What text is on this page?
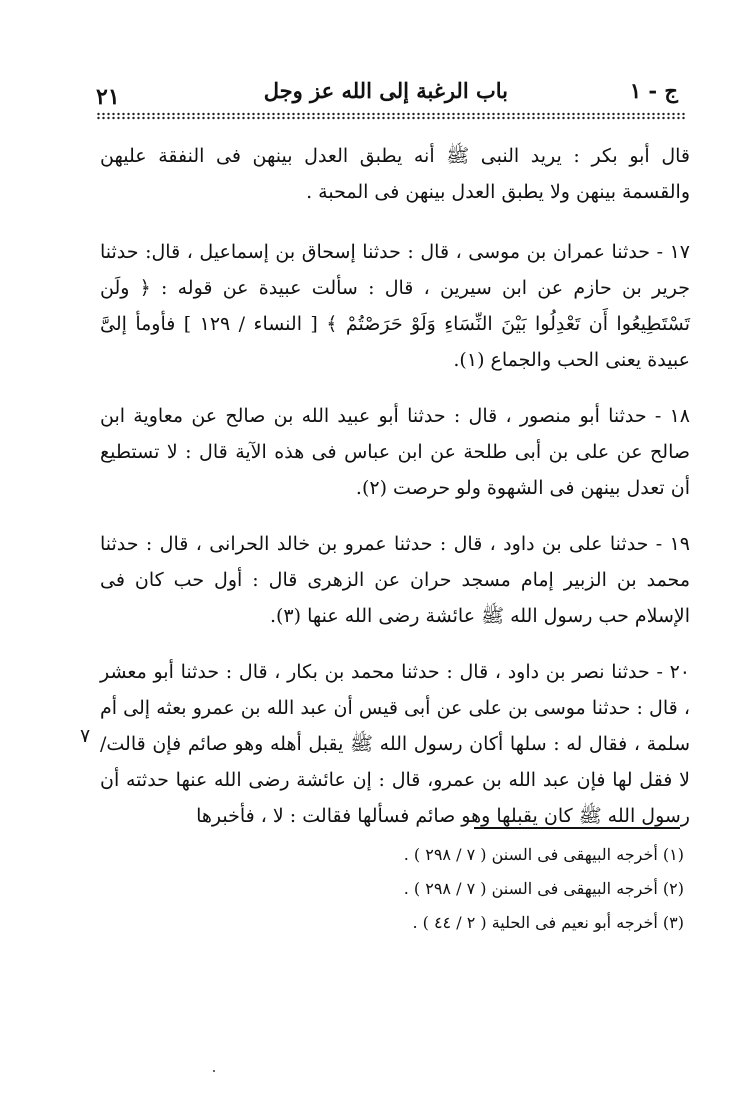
ج - ١
باب الرغبة إلى الله عز وجل
٢١

قال أبو بكر : يريد النبى ﷺ أنه يطبق العدل بينهن فى النفقة عليهن والقسمة بينهن ولا يطبق العدل بينهن فى المحبة .

١٧ - حدثنا عمران بن موسى ، قال : حدثنا إسحاق بن إسماعيل ، قال: حدثنا جرير بن حازم عن ابن سيرين ، قال : سألت عبيدة عن قوله : ﴿ ولَن تَسْتَطِيعُوا أَن تَعْدِلُوا بَيْنَ النِّسَاءِ وَلَوْ حَرَصْتُمْ ﴾ [ النساء / ١٢٩ ] فأومأ إلىَّ عبيدة يعنى الحب والجماع (١).

١٨ - حدثنا أبو منصور ، قال : حدثنا أبو عبيد الله بن صالح عن معاوية ابن صالح عن على بن أبى طلحة عن ابن عباس فى هذه الآية قال : لا تستطيع أن تعدل بينهن فى الشهوة ولو حرصت (٢).

١٩ - حدثنا على بن داود ، قال : حدثنا عمرو بن خالد الحرانى ، قال : حدثنا محمد بن الزبير إمام مسجد حران عن الزهرى قال : أول حب كان فى الإسلام حب رسول الله ﷺ عائشة رضى الله عنها (٣).

٢٠ - حدثنا نصر بن داود ، قال : حدثنا محمد بن بكار ، قال : حدثنا أبو معشر ، قال : حدثنا موسى بن على عن أبى قيس أن عبد الله بن عمرو بعثه إلى أم سلمة ، فقال له : سلها أكان رسول الله ﷺ يقبل أهله وهو صائم فإن قالت/ لا فقل لها فإن عبد الله بن عمرو، قال : إن عائشة رضى الله عنها حدثته أن رسول الله ﷺ كان يقبلها وهو صائم فسألها فقالت : لا ، فأخبرها

٧

(١) أخرجه البيهقى فى السنن ( ٧ / ٢٩٨ ) .

(٢) أخرجه البيهقى فى السنن ( ٧ / ٢٩٨ ) .

(٣) أخرجه أبو نعيم فى الحلية ( ٢ / ٤٤ ) .
